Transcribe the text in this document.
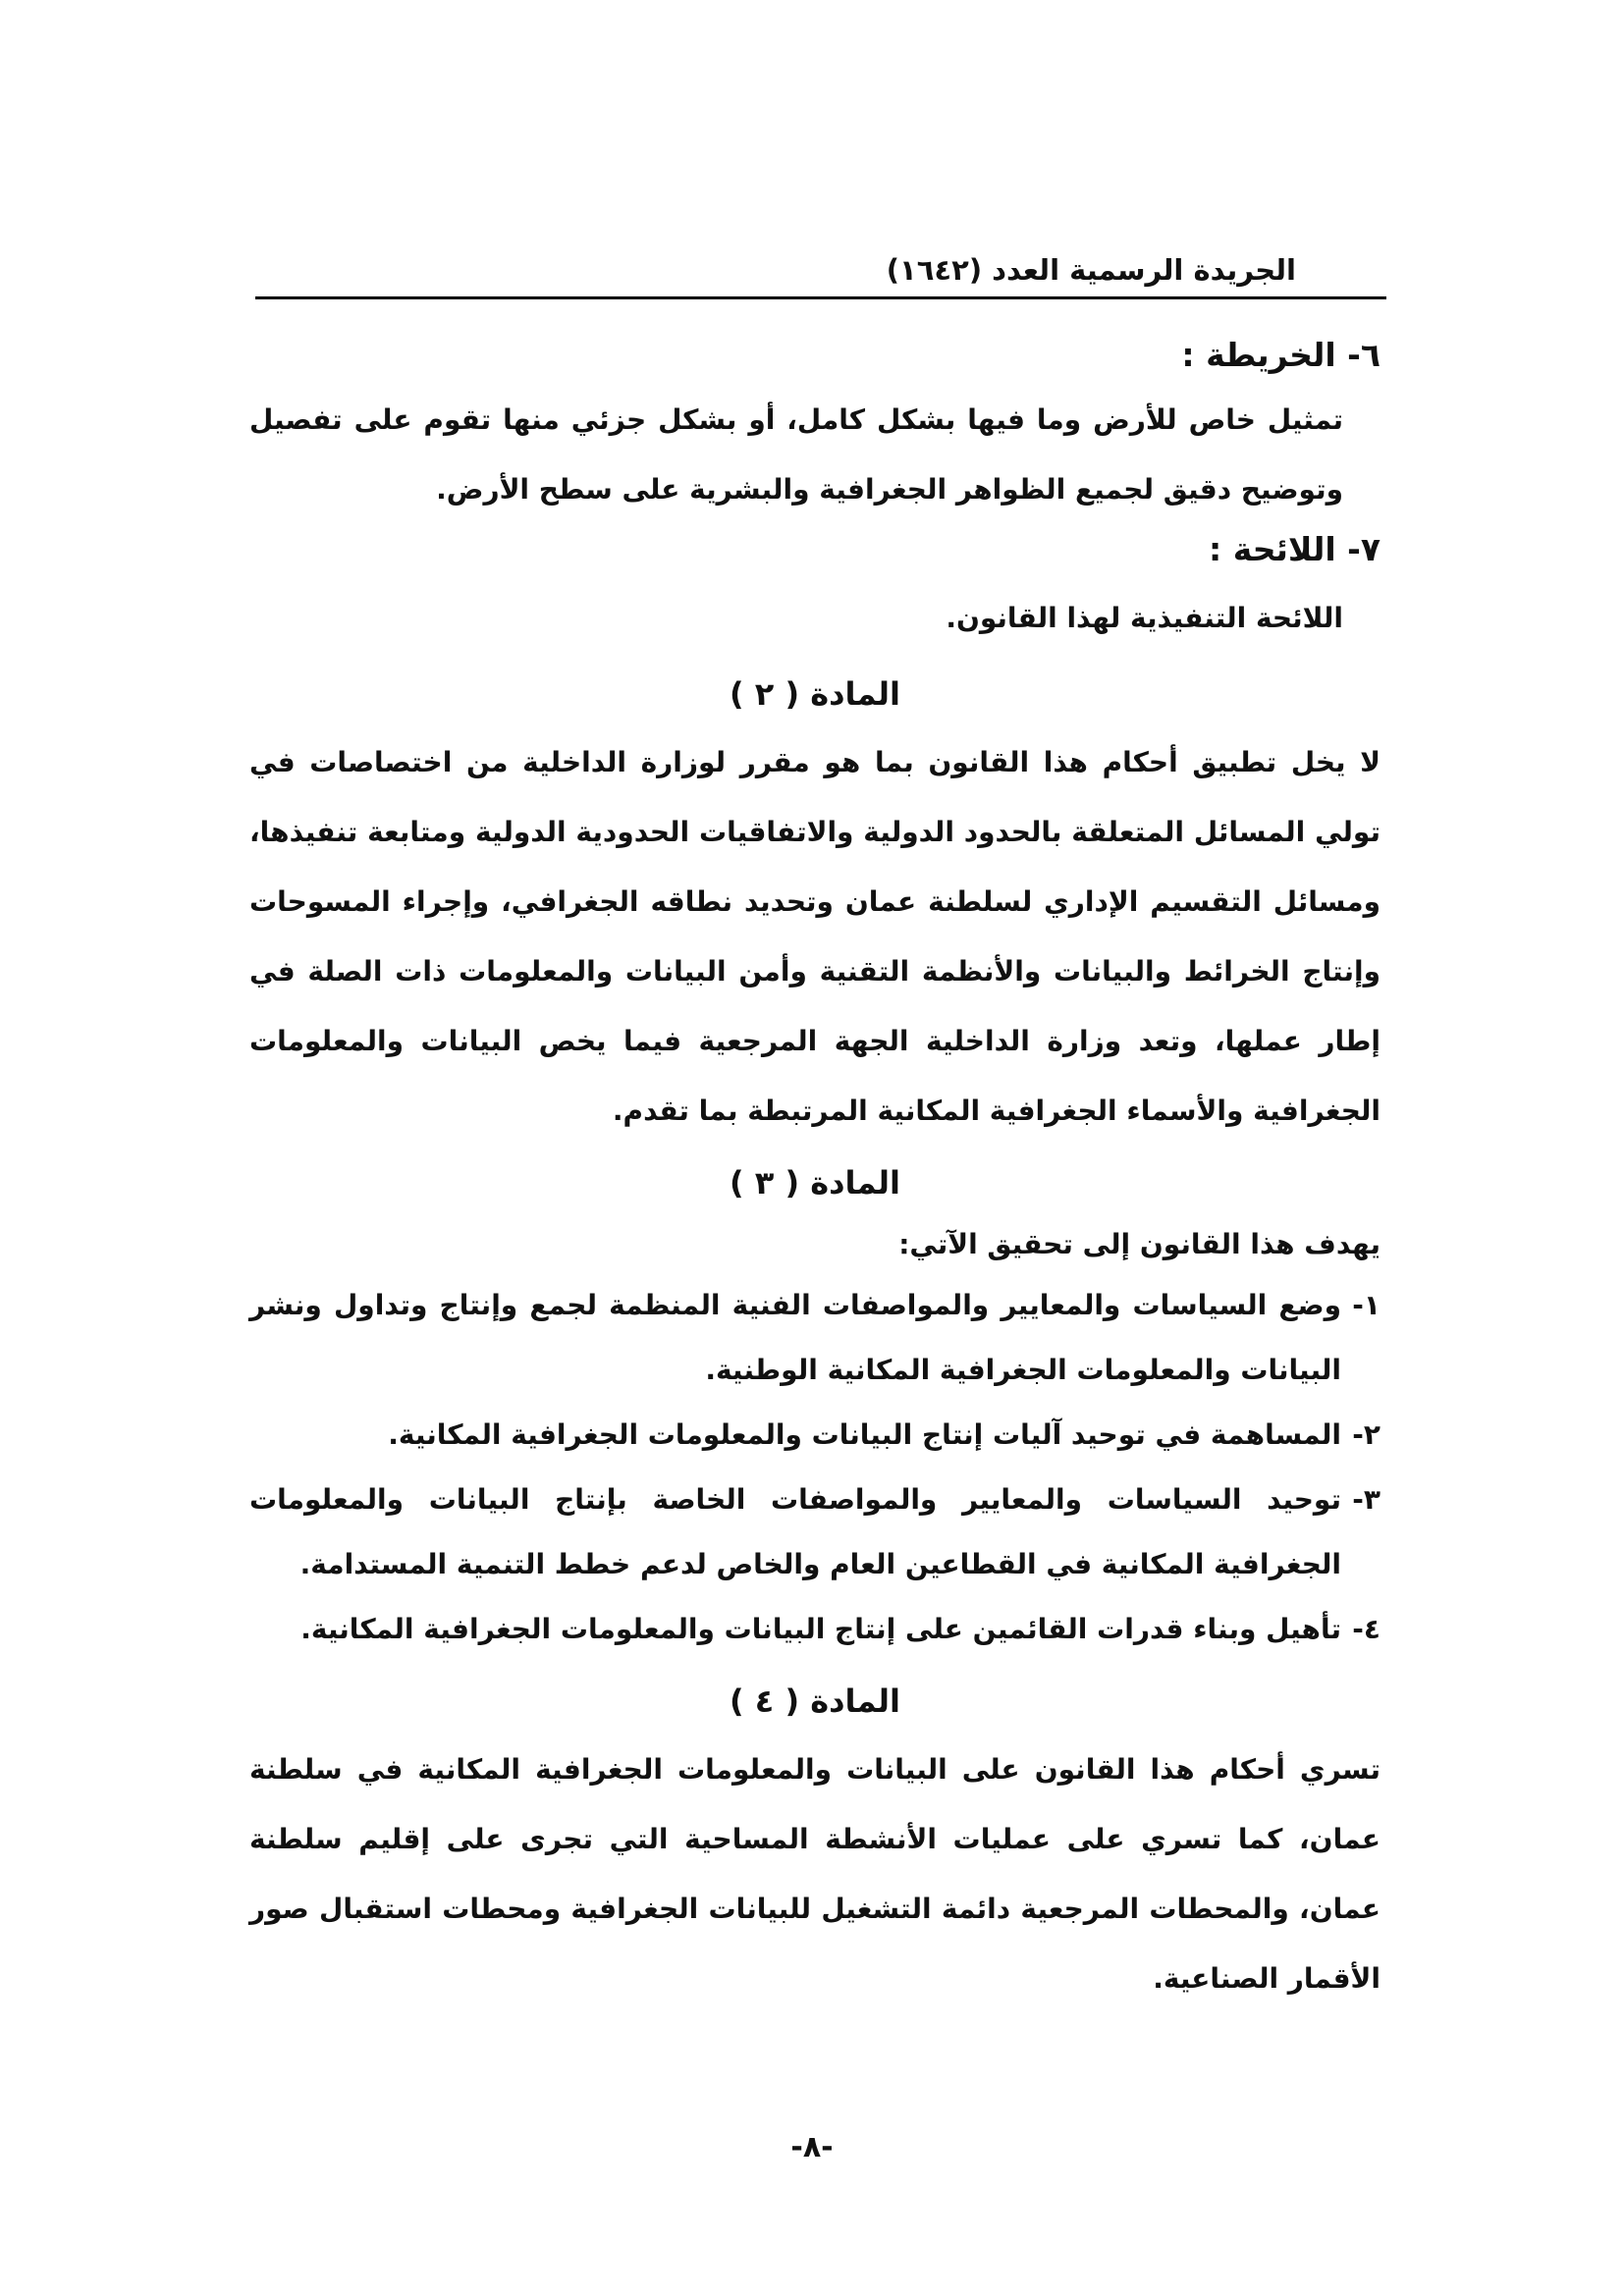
الجريدة الرسمية العدد (١٦٤٢)
٦- الخريطة :

تمثيل خاص للأرض وما فيها بشكل كامل، أو بشكل جزئي منها تقوم على تفصيل وتوضيح دقيق لجميع الظواهر الجغرافية والبشرية على سطح الأرض.

٧- اللائحة :

اللائحة التنفيذية لهذا القانون.

المادة ( ٢ )

لا يخل تطبيق أحكام هذا القانون بما هو مقرر لوزارة الداخلية من اختصاصات في تولي المسائل المتعلقة بالحدود الدولية والاتفاقيات الحدودية الدولية ومتابعة تنفيذها، ومسائل التقسيم الإداري لسلطنة عمان وتحديد نطاقه الجغرافي، وإجراء المسوحات وإنتاج الخرائط والبيانات والأنظمة التقنية وأمن البيانات والمعلومات ذات الصلة في إطار عملها، وتعد وزارة الداخلية الجهة المرجعية فيما يخص البيانات والمعلومات الجغرافية والأسماء الجغرافية المكانية المرتبطة بما تقدم.

المادة ( ٣ )

يهدف هذا القانون إلى تحقيق الآتي:

١-
وضع السياسات والمعايير والمواصفات الفنية المنظمة لجمع وإنتاج وتداول ونشر البيانات والمعلومات الجغرافية المكانية الوطنية.
٢-
المساهمة في توحيد آليات إنتاج البيانات والمعلومات الجغرافية المكانية.
٣-
توحيد السياسات والمعايير والمواصفات الخاصة بإنتاج البيانات والمعلومات الجغرافية المكانية في القطاعين العام والخاص لدعم خطط التنمية المستدامة.
٤-
تأهيل وبناء قدرات القائمين على إنتاج البيانات والمعلومات الجغرافية المكانية.
المادة ( ٤ )

تسري أحكام هذا القانون على البيانات والمعلومات الجغرافية المكانية في سلطنة عمان، كما تسري على عمليات الأنشطة المساحية التي تجرى على إقليم سلطنة عمان، والمحطات المرجعية دائمة التشغيل للبيانات الجغرافية ومحطات استقبال صور الأقمار الصناعية.

-٨-
